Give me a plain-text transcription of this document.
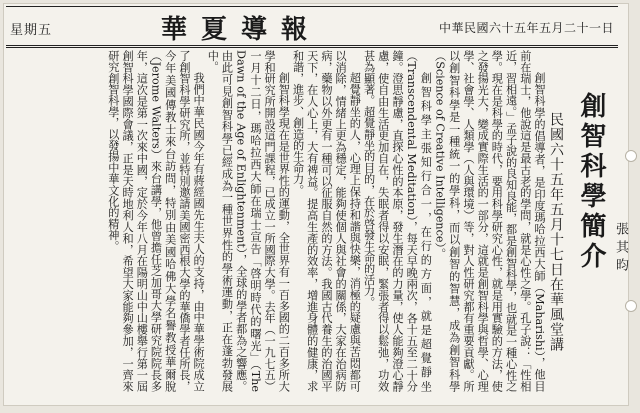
星期五	華夏導報	中華民國六十五年五月二十一日
創智科學簡介
民國六十五年五月十七日在華風堂講	張其昀

創智科學的倡導者，是印度瑪哈拉西大師（Maharishi），他目前在瑞士，他說這是最古老的學問，就是心性之學。孔子說：「性相近，習相遠。」孟子說的良知良能，都是創智科學，也就是一種心性之學。現在是科學的時代，要用科學研究心性，就是用實驗的方法，使之發揚光大，變成實際生活的一部分，這就是創智科學與哲學、心理學、社會學、人類學（人與環境）等，對人性研究都有重要貢獻。所以創智科學是一種統一的學科，而以創智的智慧，成為創智科學（Science of Creative Intelligence）。

創智科學主張知行合一，在行的方面，就是超覺靜坐（Transcendental Meditation），每天早晚兩次，各十五至二十分鐘。澄思靜慮，直探心性的本原，發生潛在的力量，使人能夠澄心靜慮，使自由生活更加自在，失眠者得以安眠，緊張者得以鬆弛，功效甚為顯著。超覺靜坐的目的，在於啓發生命的活力。

超覺靜坐的人，心理上保持和諧與快樂，消極的疑慮與苦悶都可以消除，情緒上更為穩定，能夠使個人與社會的關係，大家在治病防病，藥物以外更有一種可以征服自然的方法。我國古代養生的治國平天下，在人心上，大有裨益。提高生產的效率，增進身體的健康，求和諧，進步、創造的生命力。

創智科學現在是世界性的運動，全世界有一百多國的二百多所大學和研究所開設這門課程，已成立一所國際大學。去年（一九七五）一月十二日，瑪哈拉西大師在瑞士宣告「啓明時代的曙光」（The Dawn of the Age of Enlightenment），全球的學者都為之響應。由此可見創智科學已經成為一種世界性的學術運動，正在蓬勃發展中。

我們中華民國今年有蔣經國先生夫人的支持，由中華學術院成立了創智科學研究所，並特別邀請美國密西根大學的華僑學者任所長，今年美國傳教士來台訪問，特別由美國哈佛大學名譽教授華爾脫（Jerome Walters）來台講學，他曾擔任芝加哥大學研究院院長多年，這次是第一次來中國，定於今年八月在陽明山中山樓舉行第一屆創智科學國際會議，正是天時地利人和，希望大家能夠參加，一齊來研究創智科學，以發揚中華文化的精神。
